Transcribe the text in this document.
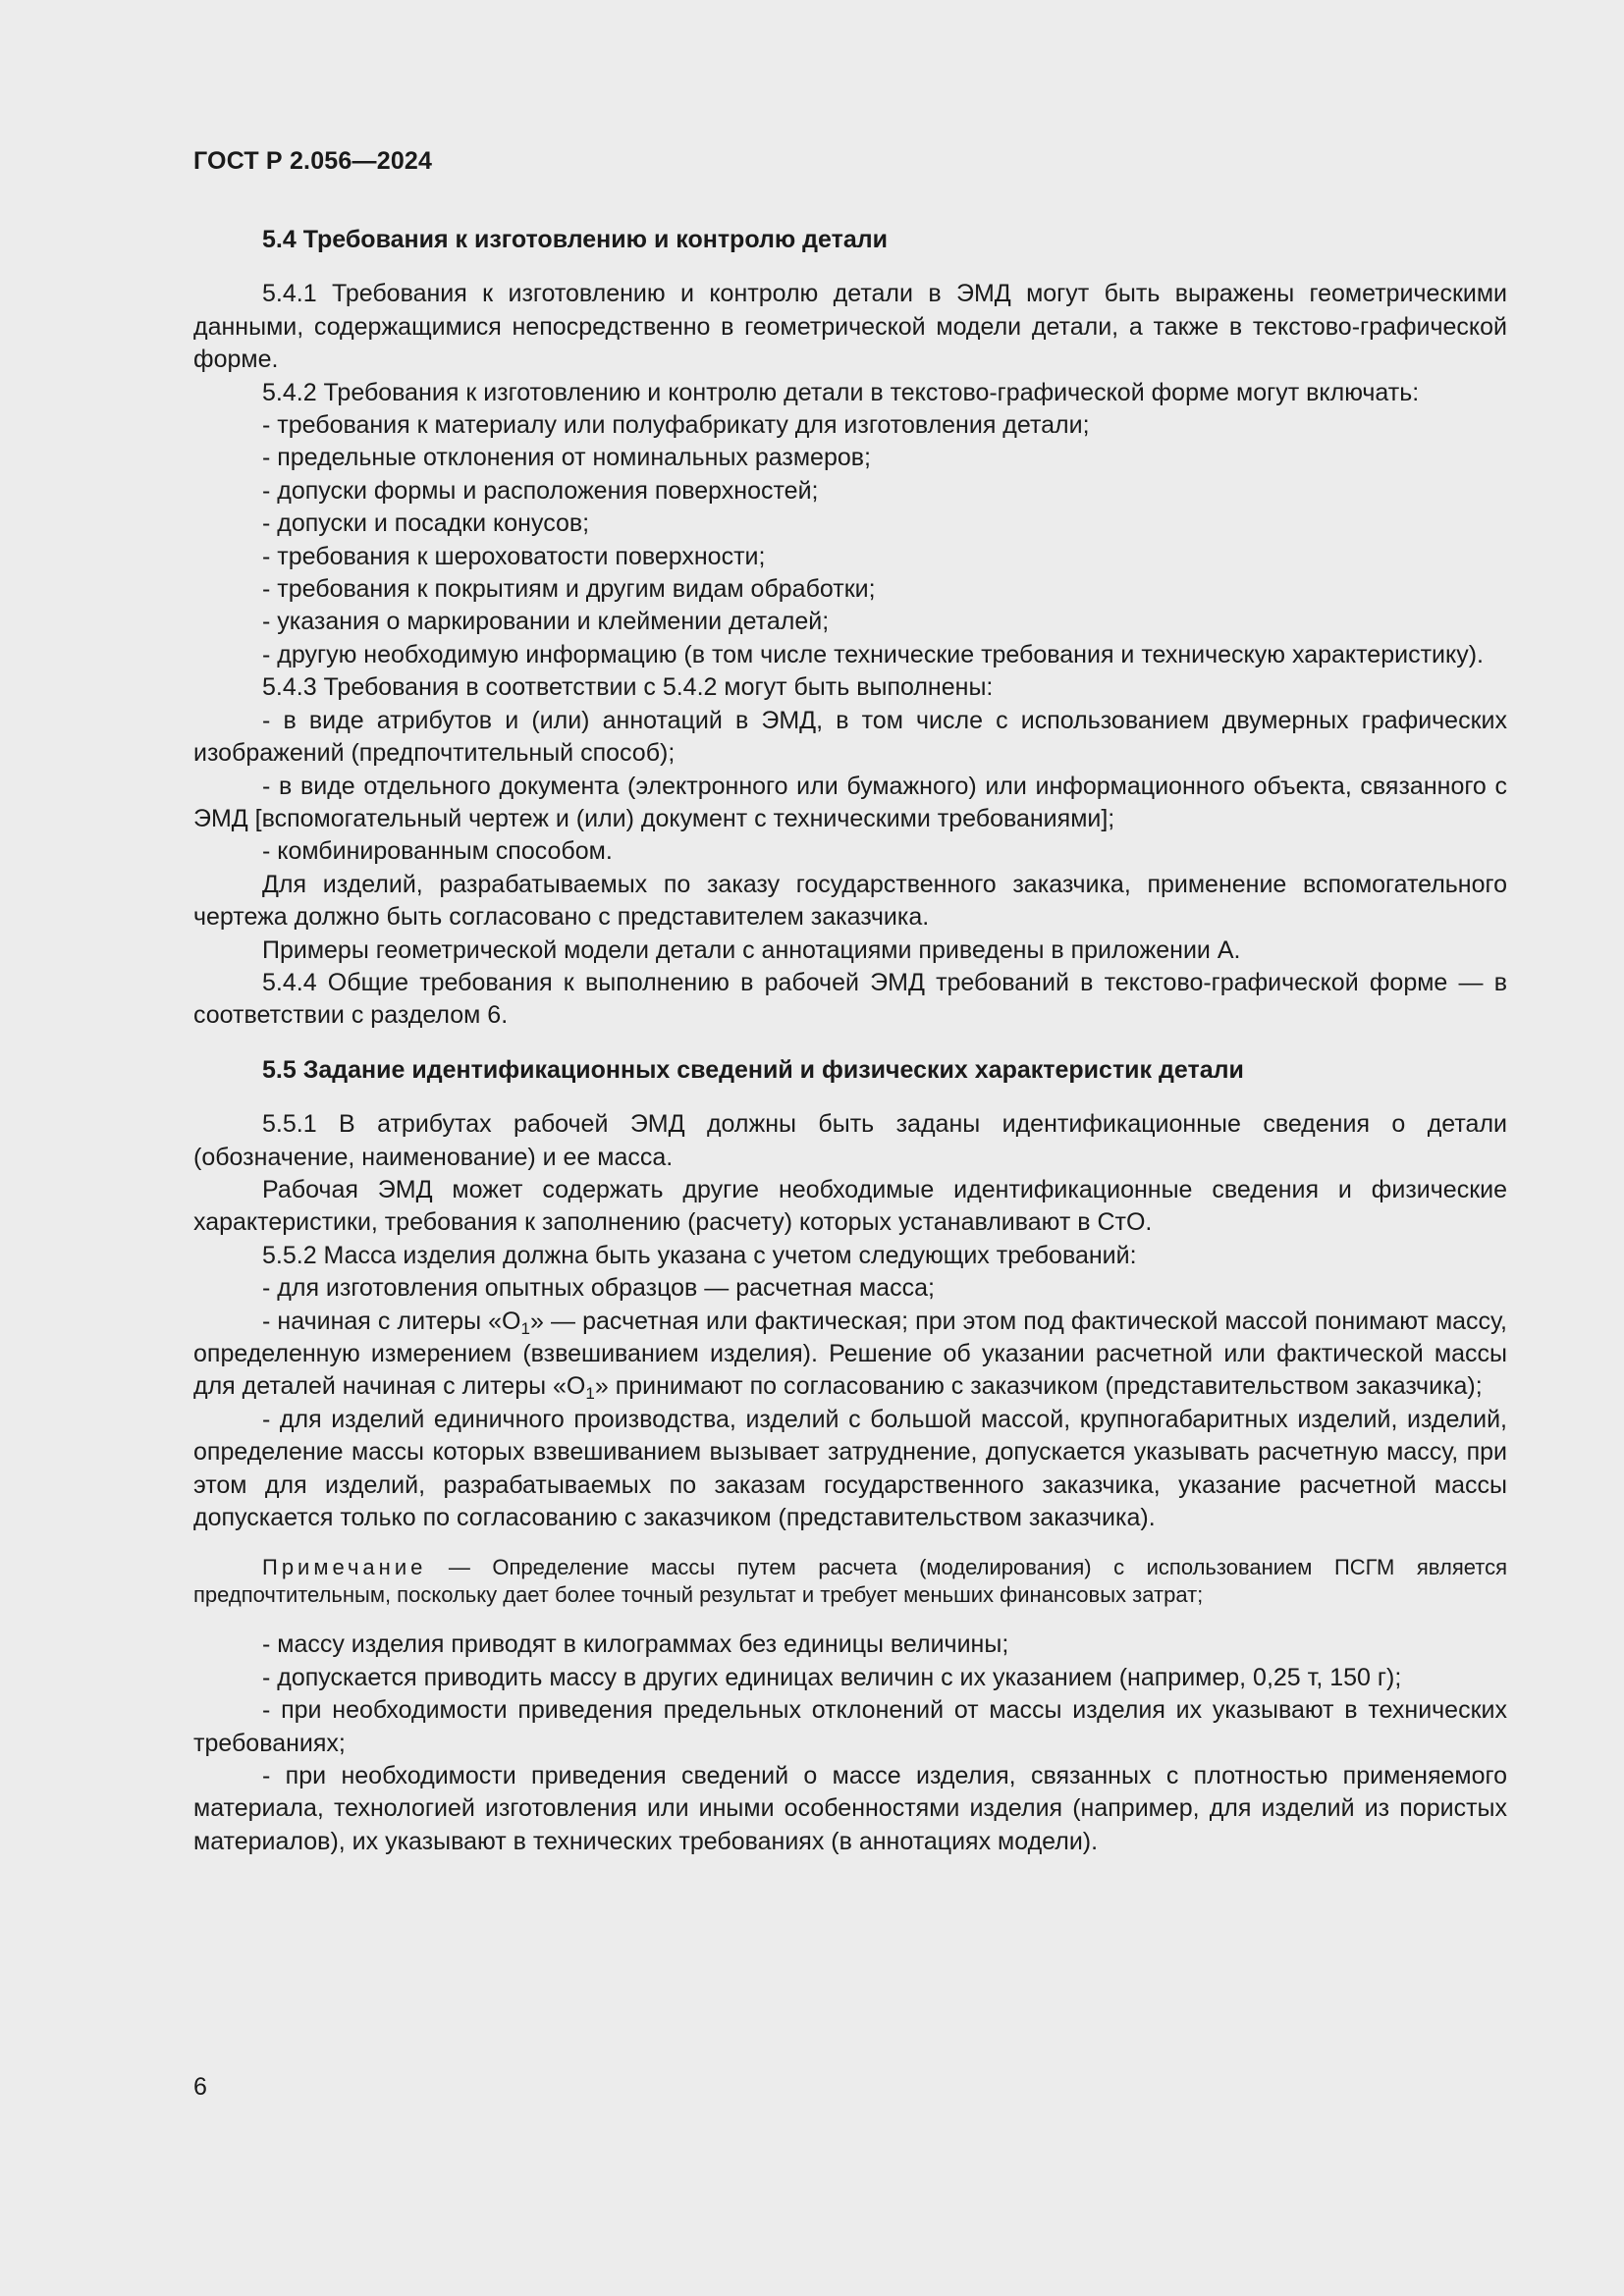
ГОСТ Р 2.056—2024

5.4 Требования к изготовлению и контролю детали

5.4.1 Требования к изготовлению и контролю детали в ЭМД могут быть выражены геометрическими данными, содержащимися непосредственно в геометрической модели детали, а также в текстово-графической форме.

5.4.2 Требования к изготовлению и контролю детали в текстово-графической форме могут включать:

- требования к материалу или полуфабрикату для изготовления детали;

- предельные отклонения от номинальных размеров;

- допуски формы и расположения поверхностей;

- допуски и посадки конусов;

- требования к шероховатости поверхности;

- требования к покрытиям и другим видам обработки;

- указания о маркировании и клеймении деталей;

- другую необходимую информацию (в том числе технические требования и техническую характеристику).

5.4.3 Требования в соответствии с 5.4.2 могут быть выполнены:

- в виде атрибутов и (или) аннотаций в ЭМД, в том числе с использованием двумерных графических изображений (предпочтительный способ);

- в виде отдельного документа (электронного или бумажного) или информационного объекта, связанного с ЭМД [вспомогательный чертеж и (или) документ с техническими требованиями];

- комбинированным способом.

Для изделий, разрабатываемых по заказу государственного заказчика, применение вспомогательного чертежа должно быть согласовано с представителем заказчика.

Примеры геометрической модели детали с аннотациями приведены в приложении А.

5.4.4 Общие требования к выполнению в рабочей ЭМД требований в текстово-графической форме — в соответствии с разделом 6.

5.5 Задание идентификационных сведений и физических характеристик детали

5.5.1 В атрибутах рабочей ЭМД должны быть заданы идентификационные сведения о детали (обозначение, наименование) и ее масса.

Рабочая ЭМД может содержать другие необходимые идентификационные сведения и физические характеристики, требования к заполнению (расчету) которых устанавливают в СтО.

5.5.2 Масса изделия должна быть указана с учетом следующих требований:

- для изготовления опытных образцов — расчетная масса;

- начиная с литеры «$О_1$» — расчетная или фактическая; при этом под фактической массой понимают массу, определенную измерением (взвешиванием изделия). Решение об указании расчетной или фактической массы для деталей начиная с литеры «$О_1$» принимают по согласованию с заказчиком (представительством заказчика);

- для изделий единичного производства, изделий с большой массой, крупногабаритных изделий, изделий, определение массы которых взвешиванием вызывает затруднение, допускается указывать расчетную массу, при этом для изделий, разрабатываемых по заказам государственного заказчика, указание расчетной массы допускается только по согласованию с заказчиком (представительством заказчика).

Примечание — Определение массы путем расчета (моделирования) с использованием ПСГМ является предпочтительным, поскольку дает более точный результат и требует меньших финансовых затрат;

- массу изделия приводят в килограммах без единицы величины;

- допускается приводить массу в других единицах величин с их указанием (например, 0,25 т, 150 г);

- при необходимости приведения предельных отклонений от массы изделия их указывают в технических требованиях;

- при необходимости приведения сведений о массе изделия, связанных с плотностью применяемого материала, технологией изготовления или иными особенностями изделия (например, для изделий из пористых материалов), их указывают в технических требованиях (в аннотациях модели).

6
